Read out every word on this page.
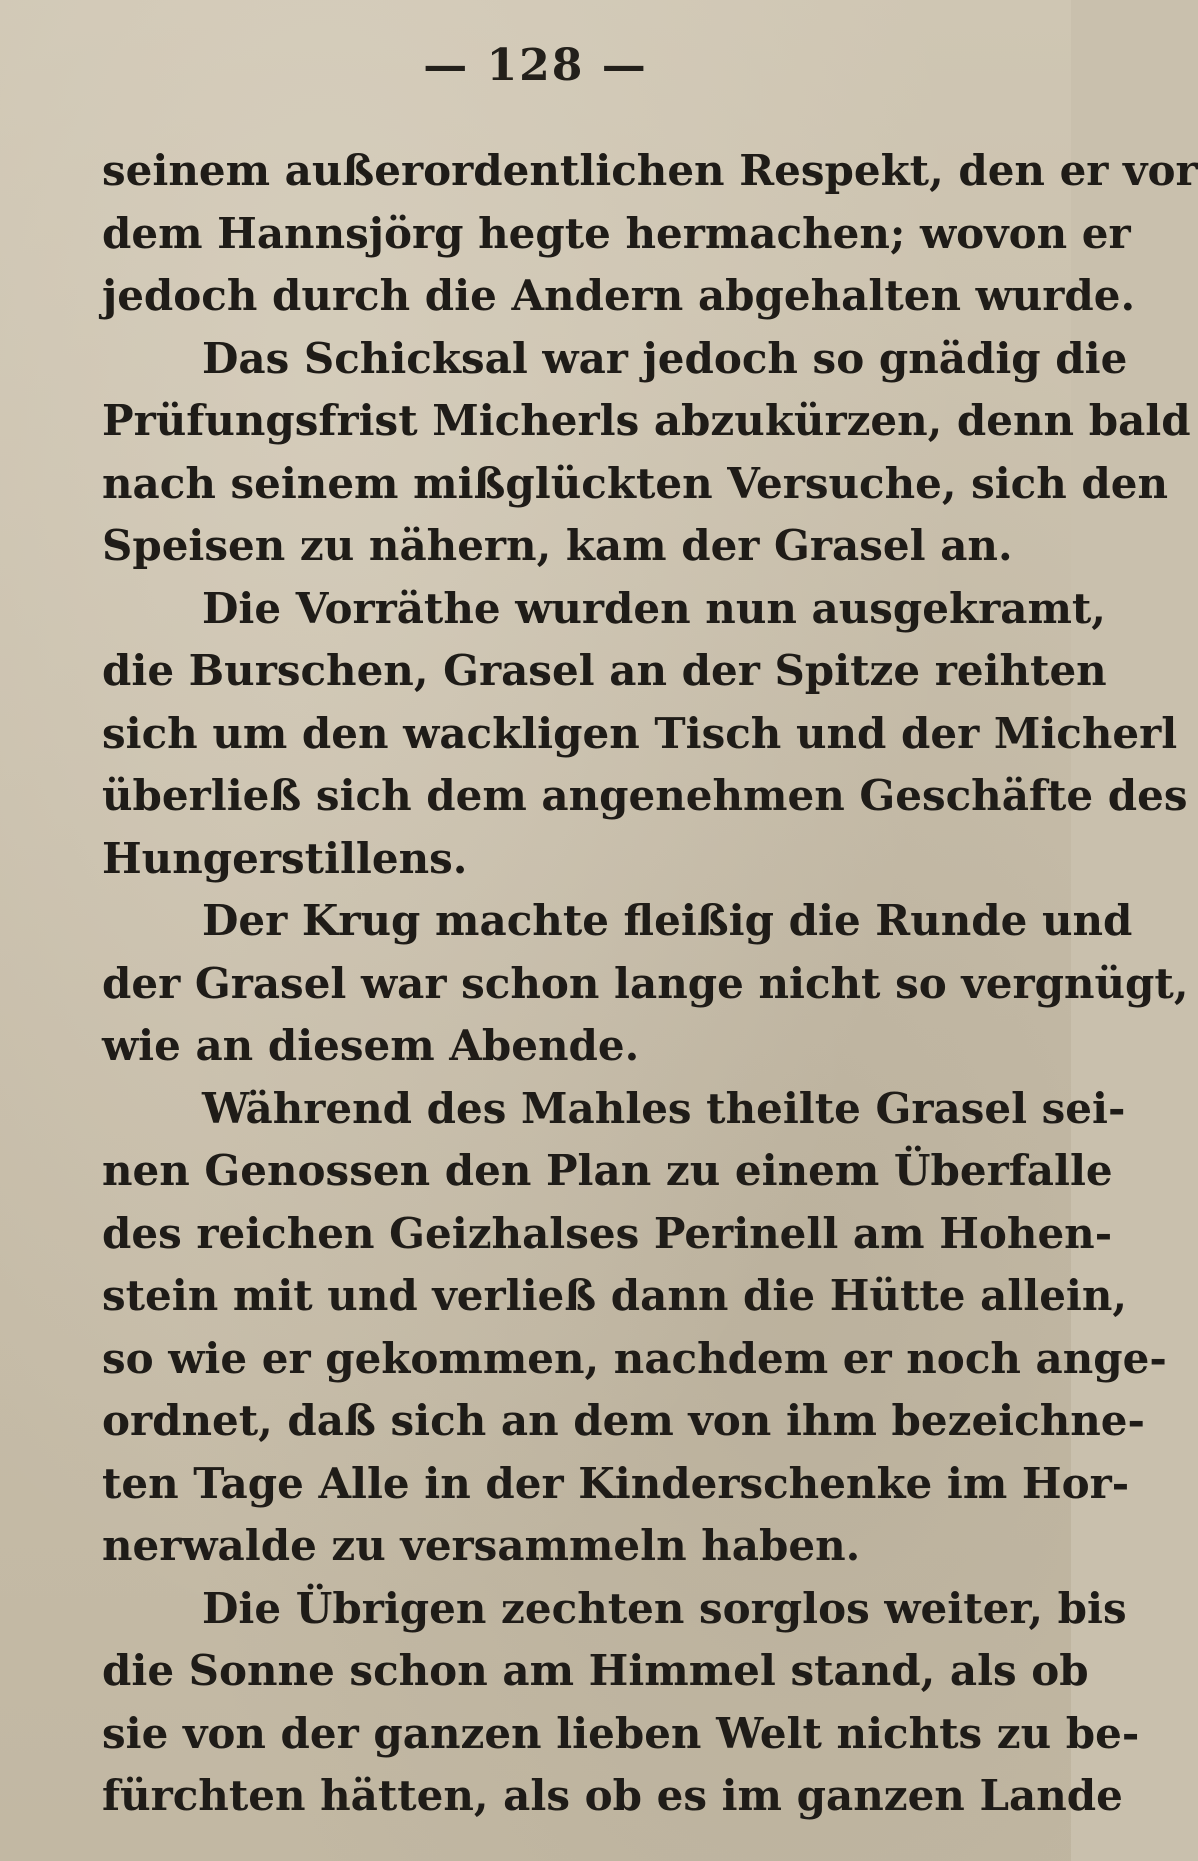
— 128 —
seinem außerordentlichen Respekt, den er vor
dem Hannsjörg hegte hermachen; wovon er
jedoch durch die Andern abgehalten wurde.
Das Schicksal war jedoch so gnädig die
Prüfungsfrist Micherls abzukürzen, denn bald
nach seinem mißglückten Versuche, sich den
Speisen zu nähern, kam der Grasel an.
Die Vorräthe wurden nun ausgekramt,
die Burschen, Grasel an der Spitze reihten
sich um den wackligen Tisch und der Micherl
überließ sich dem angenehmen Geschäfte des
Hungerstillens.
Der Krug machte fleißig die Runde und
der Grasel war schon lange nicht so vergnügt,
wie an diesem Abende.
Während des Mahles theilte Grasel sei-
nen Genossen den Plan zu einem Überfalle
des reichen Geizhalses Perinell am Hohen-
stein mit und verließ dann die Hütte allein,
so wie er gekommen, nachdem er noch ange-
ordnet, daß sich an dem von ihm bezeichne-
ten Tage Alle in der Kinderschenke im Hor-
nerwalde zu versammeln haben.
Die Übrigen zechten sorglos weiter, bis
die Sonne schon am Himmel stand, als ob
sie von der ganzen lieben Welt nichts zu be-
fürchten hätten, als ob es im ganzen Lande
